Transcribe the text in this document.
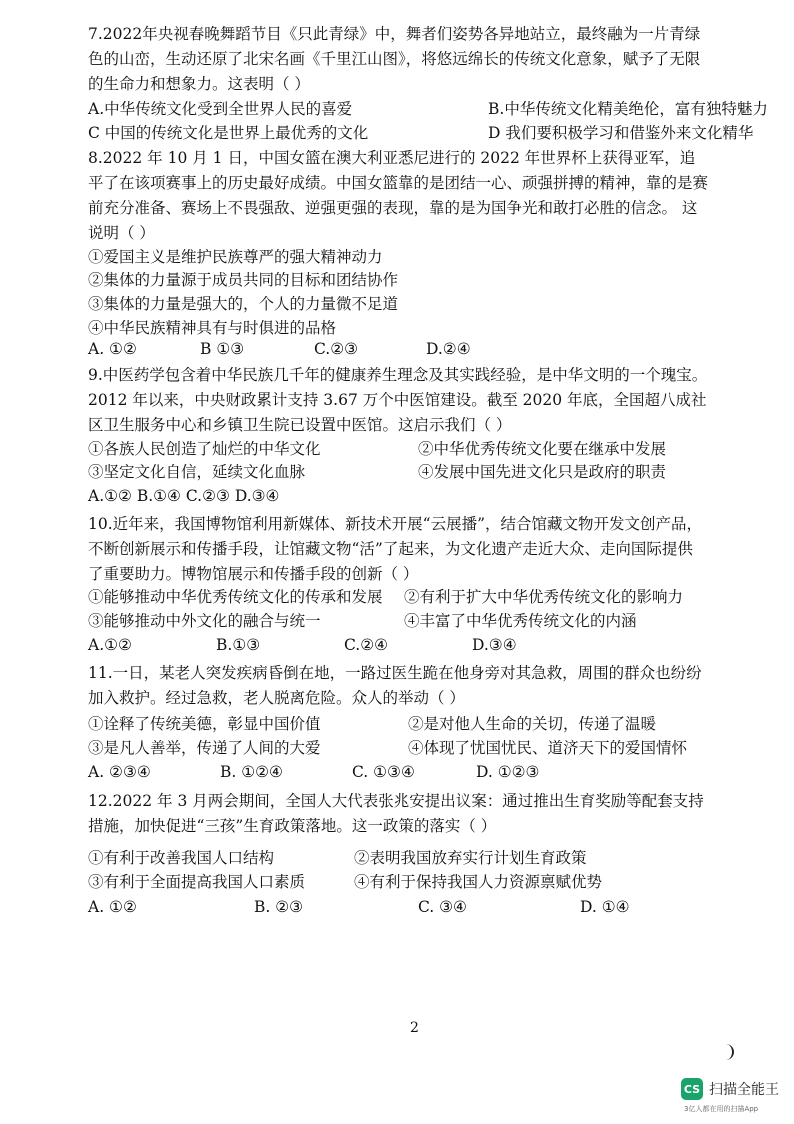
7.2022年央视春晚舞蹈节目《只此青绿》中，舞者们姿势各异地站立，最终融为一片青绿色的山峦，生动还原了北宋名画《千里江山图》，将悠远绵长的传统文化意象，赋予了无限的生命力和想象力。这表明（ ）
A.中华传统文化受到全世界人民的喜爱	B.中华传统文化精美绝伦，富有独特魅力
C 中国的传统文化是世界上最优秀的文化	D 我们要积极学习和借鉴外来文化精华
8.2022 年 10 月 1 日，中国女篮在澳大利亚悉尼进行的 2022 年世界杯上获得亚军，追平了在该项赛事上的历史最好成绩。中国女篮靠的是团结一心、顽强拼搏的精神，靠的是赛前充分准备、赛场上不畏强敌、逆强更强的表现，靠的是为国争光和敢打必胜的信念。 这说明（ ）
①爱国主义是维护民族尊严的强大精神动力
②集体的力量源于成员共同的目标和团结协作
③集体的力量是强大的，个人的力量微不足道
④中华民族精神具有与时俱进的品格
A. ①②	B ①③	C.②③	D.②④
9.中医药学包含着中华民族几千年的健康养生理念及其实践经验，是中华文明的一个瑰宝。2012 年以来，中央财政累计支持 3.67 万个中医馆建设。截至 2020 年底，全国超八成社区卫生服务中心和乡镇卫生院已设置中医馆。这启示我们（ ）
①各族人民创造了灿烂的中华文化	②中华优秀传统文化要在继承中发展
③坚定文化自信，延续文化血脉	④发展中国先进文化只是政府的职责
A.①② B.①④ C.②③ D.③④
10.近年来，我国博物馆利用新媒体、新技术开展“云展播”，结合馆藏文物开发文创产品，不断创新展示和传播手段，让馆藏文物“活”了起来，为文化遗产走近大众、走向国际提供了重要助力。博物馆展示和传播手段的创新（ ）
①能够推动中华优秀传统文化的传承和发展 ②有利于扩大中华优秀传统文化的影响力
③能够推动中外文化的融合与统一	④丰富了中华优秀传统文化的内涵
A.①②	B.①③	C.②④	D.③④
11.一日，某老人突发疾病昏倒在地，一路过医生跪在他身旁对其急救，周围的群众也纷纷加入救护。经过急救，老人脱离危险。众人的举动（ ）
①诠释了传统美德，彰显中国价值	②是对他人生命的关切，传递了温暖
③是凡人善举，传递了人间的大爱	④体现了忧国忧民、道济天下的爱国情怀
A. ②③④	B. ①②④	C. ①③④	D. ①②③
12.2022 年 3 月两会期间，全国人大代表张兆安提出议案：通过推出生育奖励等配套支持措施，加快促进“三孩”生育政策落地。这一政策的落实（ ）
①有利于改善我国人口结构	②表明我国放弃实行计划生育政策
③有利于全面提高我国人口素质	④有利于保持我国人力资源禀赋优势
A. ①②	B. ②③	C. ③④	D. ①④
2
CS 扫描全能王
3亿人都在用的扫描App
